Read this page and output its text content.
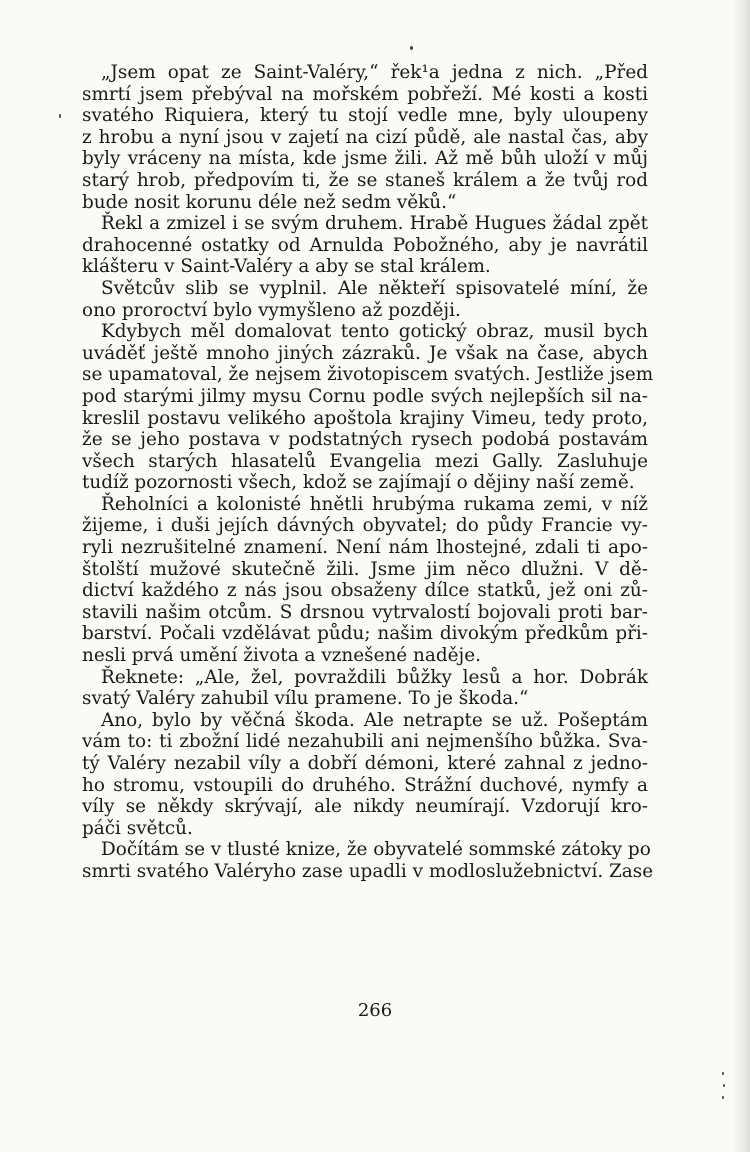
„Jsem opat ze Saint-Valéry,“ řek¹a jedna z nich. „Před
smrtí jsem přebýval na mořském pobřeží. Mé kosti a kosti
svatého Riquiera, který tu stojí vedle mne, byly uloupeny
z hrobu a nyní jsou v zajetí na cizí půdě, ale nastal čas, aby
byly vráceny na místa, kde jsme žili. Až mě bůh uloží v můj
starý hrob, předpovím ti, že se staneš králem a že tvůj rod
bude nosit korunu déle než sedm věků.“
Řekl a zmizel i se svým druhem. Hrabě Hugues žádal zpět
drahocenné ostatky od Arnulda Pobožného, aby je navrátil
klášteru v Saint-Valéry a aby se stal králem.
Světcův slib se vyplnil. Ale někteří spisovatelé míní, že
ono proroctví bylo vymyšleno až později.
Kdybych měl domalovat tento gotický obraz, musil bych
uváděť ještě mnoho jiných zázraků. Je však na čase, abych
se upamatoval, že nejsem životopiscem svatých. Jestliže jsem
pod starými jilmy mysu Cornu podle svých nejlepších sil na-
kreslil postavu velikého apoštola krajiny Vimeu, tedy proto,
že se jeho postava v podstatných rysech podobá postavám
všech starých hlasatelů Evangelia mezi Gally. Zasluhuje
tudíž pozornosti všech, kdož se zajímají o dějiny naší země.
Řeholníci a kolonisté hnětli hrubýma rukama zemi, v níž
žijeme, i duši jejích dávných obyvatel; do půdy Francie vy-
ryli nezrušitelné znamení. Není nám lhostejné, zdali ti apo-
štolští mužové skutečně žili. Jsme jim něco dlužni. V dě-
dictví každého z nás jsou obsaženy dílce statků, jež oni zů-
stavili našim otcům. S drsnou vytrvalostí bojovali proti bar-
barství. Počali vzdělávat půdu; našim divokým předkům při-
nesli prvá umění života a vznešené naděje.
Řeknete: „Ale, žel, povraždili bůžky lesů a hor. Dobrák
svatý Valéry zahubil vílu pramene. To je škoda.“
Ano, bylo by věčná škoda. Ale netrapte se už. Pošeptám
vám to: ti zbožní lidé nezahubili ani nejmenšího bůžka. Sva-
tý Valéry nezabil víly a dobří démoni, které zahnal z jedno-
ho stromu, vstoupili do druhého. Strážní duchové, nymfy a
víly se někdy skrývají, ale nikdy neumírají. Vzdorují kro-
páči světců.
Dočítám se v tlusté knize, že obyvatelé sommské zátoky po
smrti svatého Valéryho zase upadli v modloslužebnictví. Zase
266
